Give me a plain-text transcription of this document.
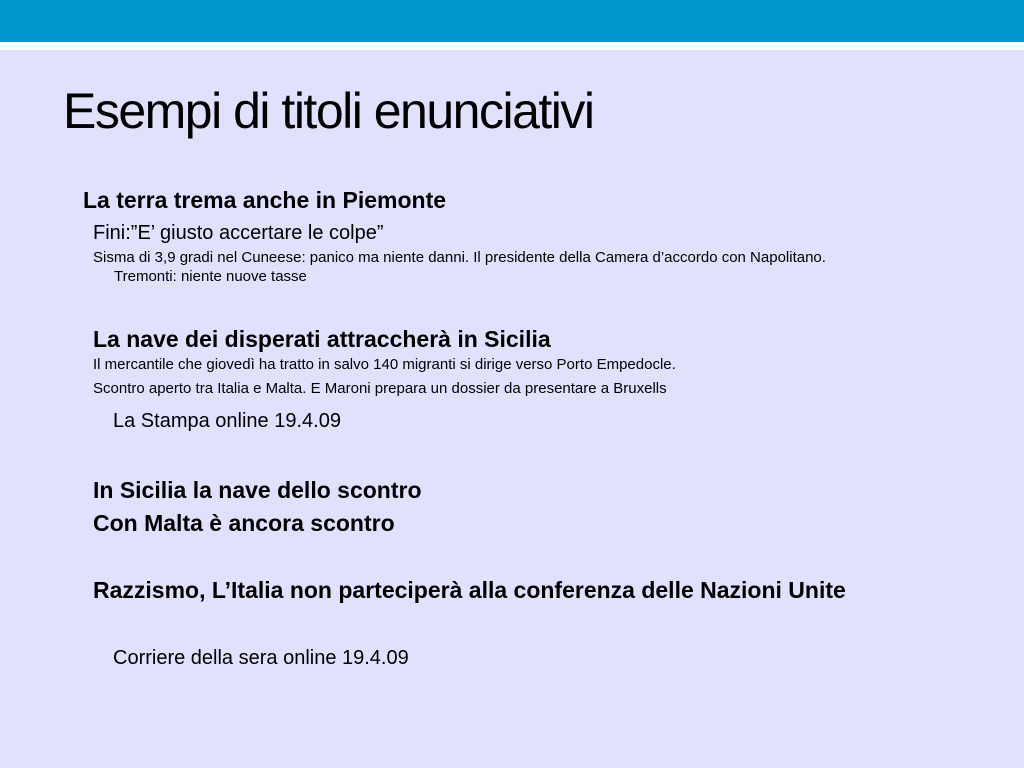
Esempi di titoli enunciativi
La terra trema anche in Piemonte
Fini:”E’ giusto accertare le colpe”
Sisma di 3,9 gradi nel Cuneese: panico ma niente danni. Il presidente della Camera d’accordo con Napolitano.
Tremonti: niente nuove tasse
La nave dei disperati attraccherà in Sicilia
Il mercantile che giovedì ha tratto in salvo 140 migranti si dirige verso Porto Empedocle.
Scontro aperto tra Italia e Malta. E Maroni prepara un dossier da presentare a Bruxells
La Stampa online 19.4.09
In Sicilia la nave dello scontro
Con Malta è ancora scontro
Razzismo, L’Italia non parteciperà alla conferenza delle Nazioni Unite
Corriere della sera online 19.4.09
